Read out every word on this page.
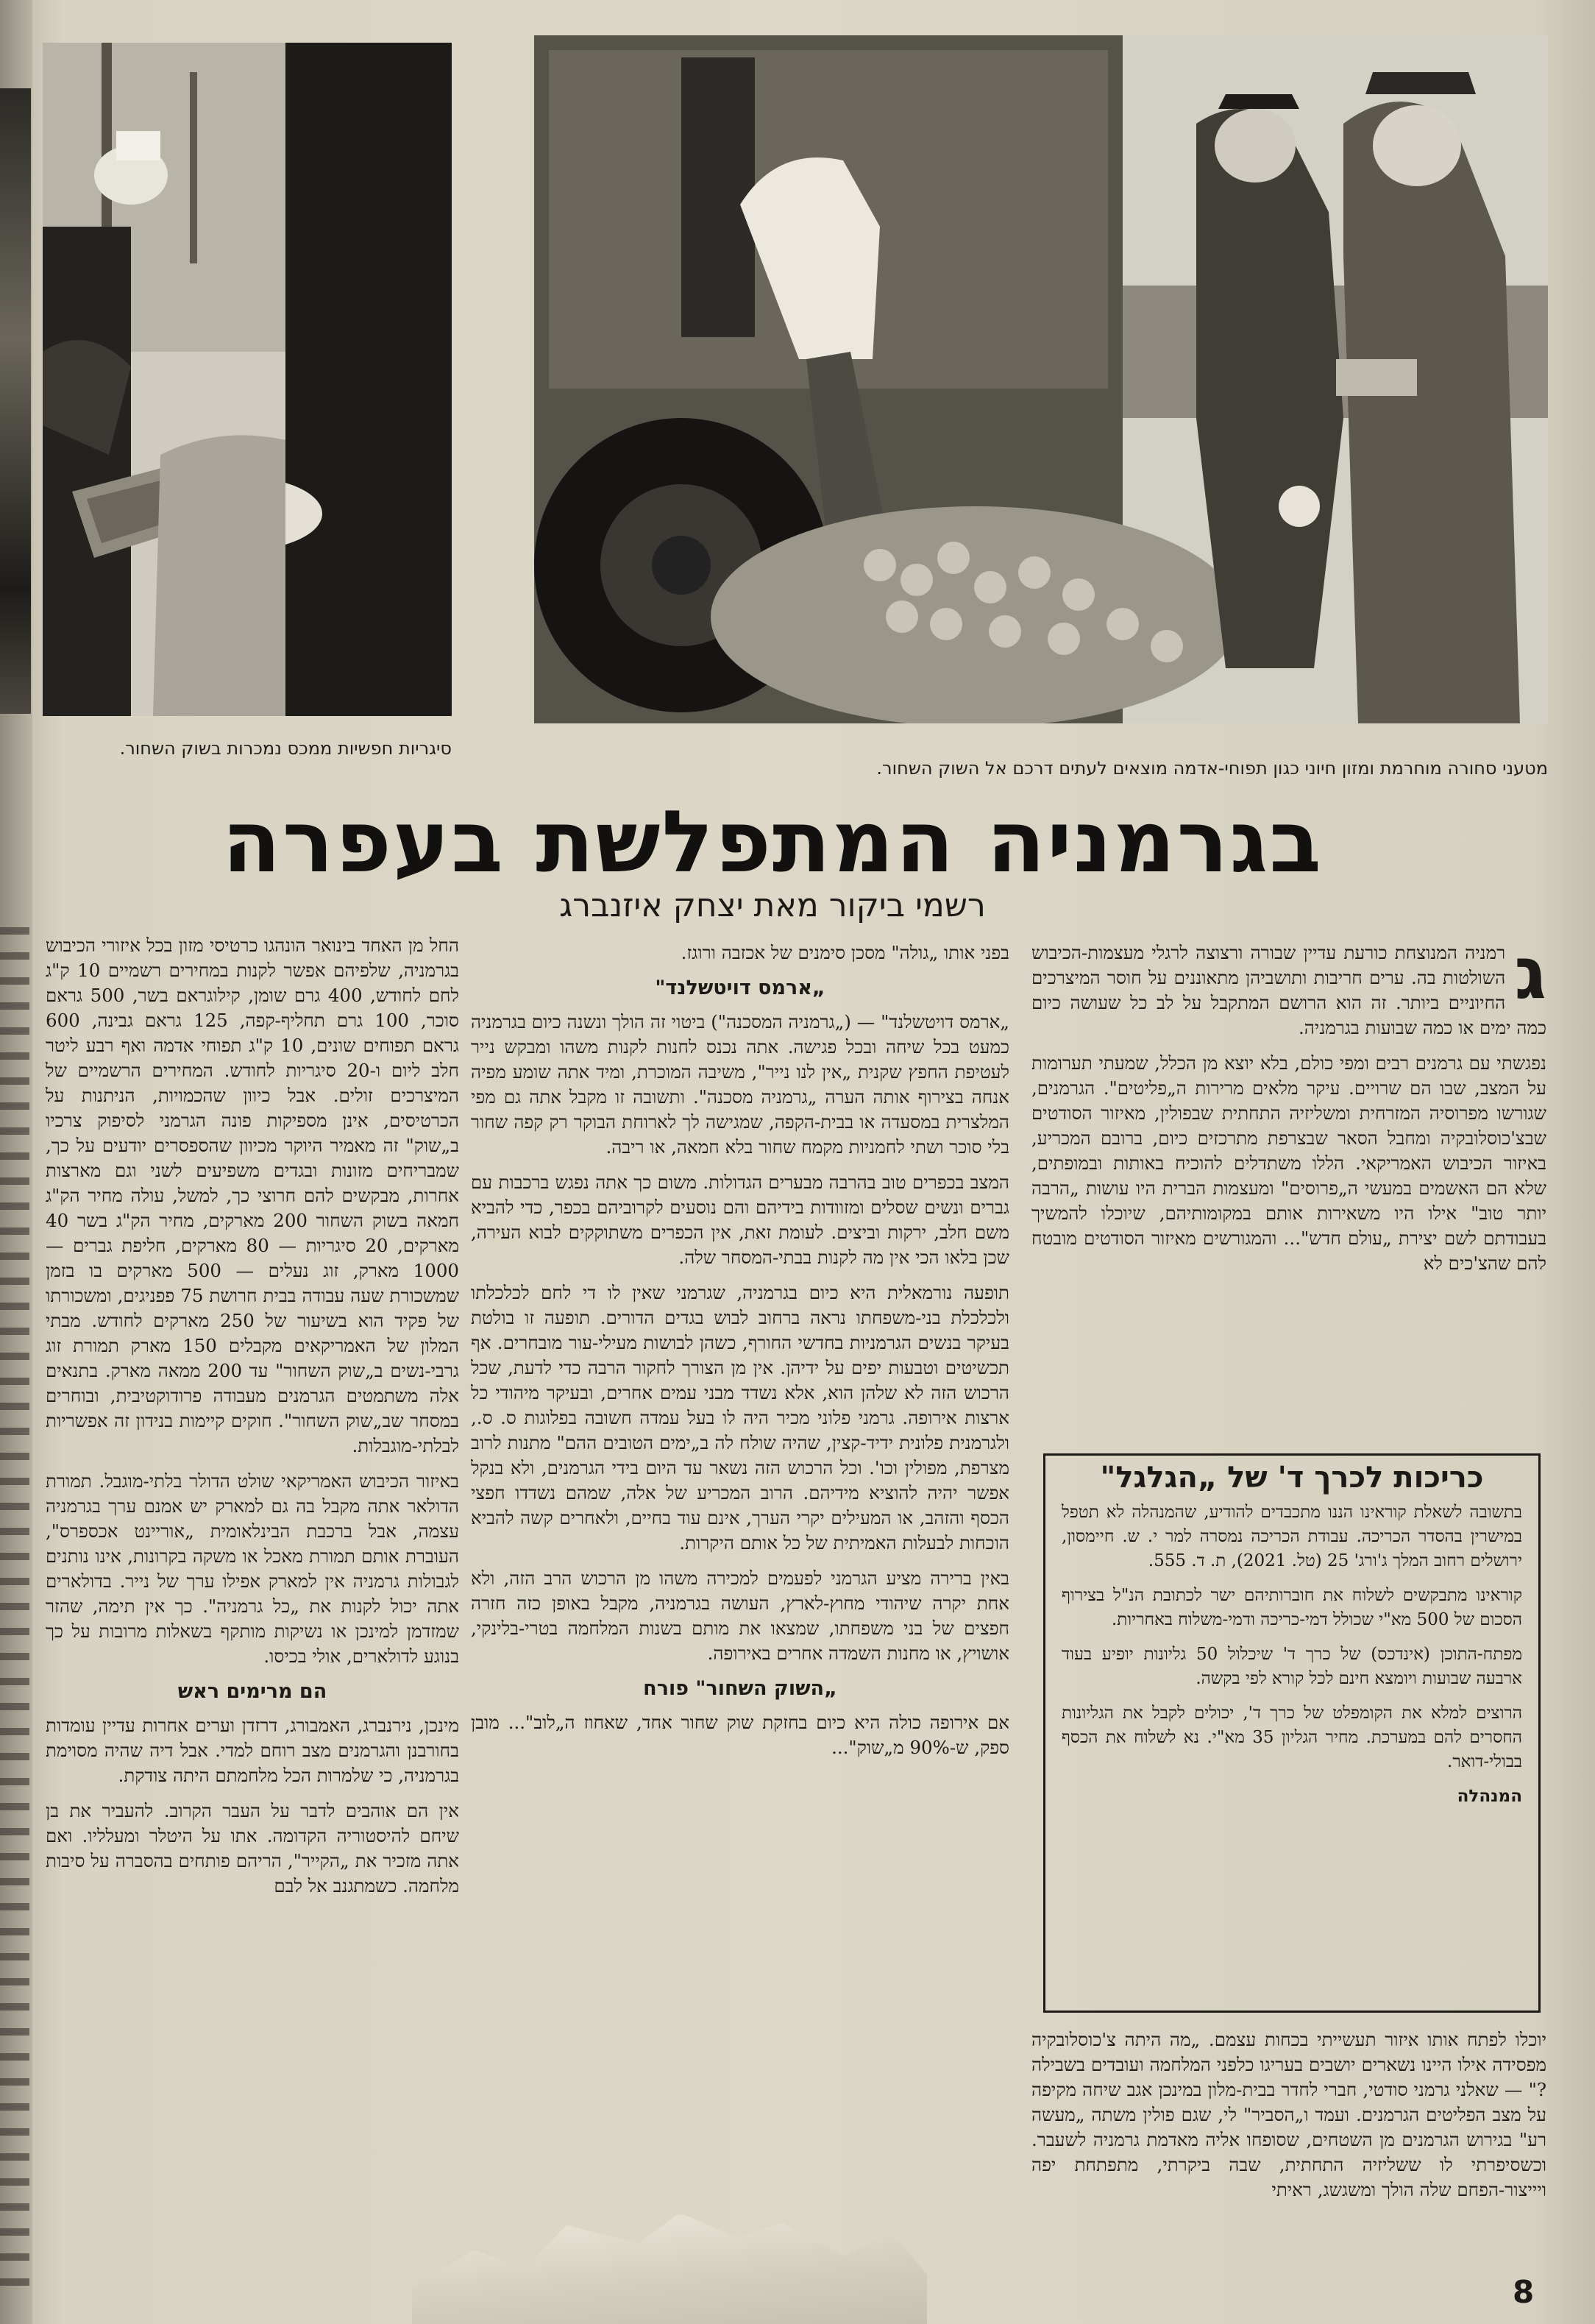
סיגריות חפשיות ממכס נמכרות בשוק השחור.
מטעני סחורה מוחרמת ומזון חיוני כגון תפוחי-אדמה מוצאים לעתים דרכם אל השוק השחור.
בגרמניה המתפלשת בעפרה
רשמי ביקור מאת יצחק איזנברג
ג

רמניה המנוצחת כורעת עדיין שבורה ורצוצה לרגלי מעצמות-הכיבוש השולטות בה. ערים חריבות ותושביהן מתאוננים על חוסר המיצרכים החיוניים ביותר. זה הוא הרושם המתקבל על לב כל שעושה כיום כמה ימים או כמה שבועות בגרמניה.

נפגשתי עם גרמנים רבים ומפי כולם, בלא יוצא מן הכלל, שמעתי תערומות על המצב, שבו הם שרויים. עיקר מלאים מרירות ה„פליטים". הגרמנים, שגורשו מפרוסיה המזרחית ומשליזיה התחתית שבפולין, מאיזור הסודטים שבצ'כוסלובקיה ומחבל הסאר שבצרפת מתרכזים כיום, ברובם המכריע, באיזור הכיבוש האמריקאי. הללו משתדלים להוכיח באותות ובמופתים, שלא הם האשמים במעשי ה„פרוסים" ומעצמות הברית היו עושות „הרבה יותר טוב" אילו היו משאירות אותם במקומותיהם, שיוכלו להמשיך בעבודתם לשם יצירת „עולם חדש"... והמגורשים מאיזור הסודטים מובטח להם שהצ'כים לא

כריכות לכרך ד' של „הגלגל"

בתשובה לשאלת קוראינו הננו מתכבדים להודיע, שהמנהלה לא תטפל במישרין בהסדר הכריכה. עבודת הכריכה נמסרה למר י. ש. חיימסון, ירושלים רחוב המלך ג'ורג' 25 (טל. 2021), ת. ד. 555.

קוראינו מתבקשים לשלוח את חוברותיהם ישר לכתובת הנ"ל בצירוף הסכום של 500 מא"י שכולל דמי-כריכה ודמי-משלוח באחריות.

מפתח-התוכן (אינדכס) של כרך ד' שיכלול 50 גליונות יופיע בעוד ארבעה שבועות ויומצא חינם לכל קורא לפי בקשה.

הרוצים למלא את הקומפלט של כרך ד', יכולים לקבל את הגליונות החסרים להם במערכת. מחיר הגליון 35 מא"י. נא לשלוח את הכסף בבולי-דואר.

המנהלה

יוכלו לפתח אותו איזור תעשייתי בכחות עצמם. „מה היתה צ'כוסלובקיה מפסידה אילו היינו נשארים יושבים בעריגו כלפני המלחמה ועובדים בשבילה ?" — שאלני גרמני סודטי, חברי לחדר בבית-מלון במינכן אגב שיחה מקיפה על מצב הפליטים הגרמנים. ועמד ו„הסביר" לי, שגם פולין משתה „מעשה רע" בגירוש הגרמנים מן השטחים, שסופחו אליה מאדמת גרמניה לשעבר. וכשסיפרתי לו ששליזיה התחתית, שבה ביקרתי, מתפתחת יפה ויייצור-הפחם שלה הולך ומשגשג, ראיתי

בפני אותו „גולה" מסכן סימנים של אכזבה ורוגז.

„ארמס דויטשלנד"

„ארמס דויטשלנד" — („גרמניה המסכנה") ביטוי זה הולך ונשנה כיום בגרמניה כמעט בכל שיחה ובכל פגישה. אתה נכנס לחנות לקנות משהו ומבקש נייר לעטיפת החפץ שקנית „אין לנו נייר", משיבה המוכרת, ומיד אתה שומע מפיה אנחה בצירוף אותה הערה „גרמניה מסכנה". ותשובה זו מקבל אתה גם מפי המלצרית במסעדה או בבית-הקפה, שמגישה לך לארוחת הבוקר רק קפה שחור בלי סוכר ושתי לחמניות מקמח שחור בלא חמאה, או ריבה.

המצב בכפרים טוב בהרבה מבערים הגדולות. משום כך אתה נפגש ברכבות עם גברים ונשים שסלים ומזוודות בידיהם והם נוסעים לקרוביהם בכפר, כדי להביא משם חלב, ירקות וביצים. לעומת זאת, אין הכפרים משתוקקים לבוא העירה, שכן בלאו הכי אין מה לקנות בבתי-המסחר שלה.

תופעה נורמאלית היא כיום בגרמניה, שגרמני שאין לו די לחם לכלכלתו ולכלכלת בני-משפחתו נראה ברחוב לבוש בגדים הדורים. תופעה זו בולטת בעיקר בנשים הגרמניות בחדשי החורף, כשהן לבושות מעילי-עור מובחרים. אף תכשיטים וטבעות יפים על ידיהן. אין מן הצורך לחקור הרבה כדי לדעת, שכל הרכוש הזה לא שלהן הוא, אלא נשדד מבני עמים אחרים, ובעיקר מיהודי כל ארצות אירופה. גרמני פלוני מכיר היה לו בעל עמדה חשובה בפלוגות ס. ס., ולגרמנית פלונית ידיד-קצין, שהיה שולח לה ב„ימים הטובים ההם" מתנות לרוב מצרפת, מפולין וכו'. וכל הרכוש הזה נשאר עד היום בידי הגרמנים, ולא בנקל אפשר יהיה להוציא מידיהם. הרוב המכריע של אלה, שמהם נשדדו חפצי הכסף והזהב, או המעילים יקרי הערך, אינם עוד בחיים, ולאחרים קשה להביא הוכחות לבעלות האמיתית של כל אותם היקרות.

באין ברירה מציע הגרמני לפעמים למכירה משהו מן הרכוש הרב הזה, ולא אחת יקרה שיהודי מחוץ-לארץ, העושה בגרמניה, מקבל באופן כזה חזרה חפצים של בני משפחתו, שמצאו את מותם בשנות המלחמה בטרי-בלינקי, אושויץ, או מחנות השמדה אחרים באירופה.

„השוק השחור" פורח

אם אירופה כולה היא כיום בחזקת שוק שחור אחד, שאחוז ה„לוב"... מובן ספק, ש-90% מ„שוק"...

החל מן האחד בינואר הונהגו כרטיסי מזון בכל איזורי הכיבוש בגרמניה, שלפיהם אפשר לקנות במחירים רשמיים 10 ק"ג לחם לחודש, 400 גרם שומן, קילוגראם בשר, 500 גראם סוכר, 100 גרם תחליף-קפה, 125 גראם גבינה, 600 גראם תפוחים שונים, 10 ק"ג תפוחי אדמה ואף רבע ליטר חלב ליום ו-20 סיגריות לחודש. המחירים הרשמיים של המיצרכים זולים. אבל כיוון שהכמויות, הניתנות על הכרטיסים, אינן מספיקות פונה הגרמני לסיפוק צרכיו ב„שוק" זה מאמיר היוקר מכיוון שהספסרים יודעים על כך, שמבריחים מזונות ובגדים משפיעים לשני וגם מארצות אחרות, מבקשים להם חרוצי כך, למשל, עולה מחיר הק"ג חמאה בשוק השחור 200 מארקים, מחיר הק"ג בשר 40 מארקים, 20 סיגריות — 80 מארקים, חליפת גברים — 1000 מארק, זוג נעלים — 500 מארקים בו בזמן שמשכורת שעה עבודה בבית חרושת 75 פפניגים, ומשכורתו של פקיד הוא בשיעור של 250 מארקים לחודש. מבתי המלון של האמריקאים מקבלים 150 מארק תמורת זוג גרבי-נשים ב„שוק השחור" עד 200 ממאה מארק. בתנאים אלה משתמטים הגרמנים מעבודה פרודוקטיבית, ובוחרים במסחר שב„שוק השחור". חוקים קיימות בנידון זה אפשריות לבלתי-מוגבלות.

באיזור הכיבוש האמריקאי שולט הדולר בלתי-מוגבל. תמורת הדולאר אתה מקבל בה גם למארק יש אמנם ערך בגרמניה עצמה, אבל ברכבת הבינלאומית „אוריינט אכספרס", העוברת אותם תמורת מאכל או משקה בקרונות, אינו נותנים לגבולות גרמניה אין למארק אפילו ערך של נייר. בדולארים אתה יכול לקנות את „כל גרמניה". כך אין תימה, שהזר שמזדמן למינכן או נשיקות מותקף בשאלות מרובות על כך בנוגע לדולארים, אולי בכיסו.

הם מרימים ראש

מינכן, נירנברג, האמבורג, דרזדן וערים אחרות עדיין עומדות בחורבנן והגרמנים מצב רוחם למדי. אבל דיה שהיה מסוימת בגרמניה, כי שלמרות הכל מלחמתם היתה צודקת.

אין הם אוהבים לדבר על העבר הקרוב. להעביר את בן שיחם להיסטוריה הקדומה. אתו על היטלר ומעלליו. ואם אתה מזכיר את „הקייר", הריהם פותחים בהסברה על סיבות מלחמה. כשמתגנב אל לבם

8
